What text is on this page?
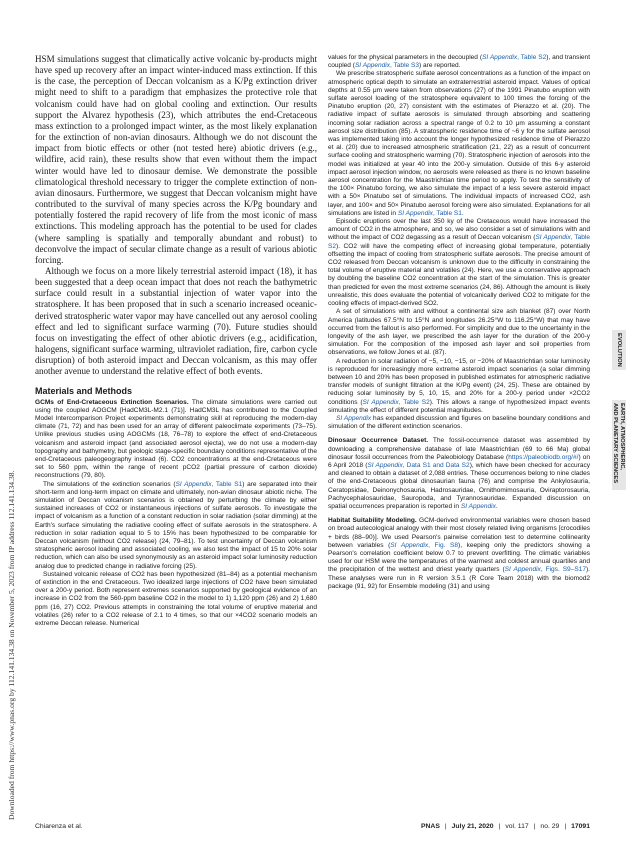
HSM simulations suggest that climatically active volcanic by-products might have sped up recovery after an impact winter-induced mass extinction. If this is the case, the perception of Deccan volcanism as a K/Pg extinction driver might need to shift to a paradigm that emphasizes the protective role that volcanism could have had on global cooling and extinction. Our results support the Alvarez hypothesis (23), which attributes the end-Cretaceous mass extinction to a prolonged impact winter, as the most likely explanation for the extinction of non-avian dinosaurs. Although we do not discount the impact from biotic effects or other (not tested here) abiotic drivers (e.g., wildfire, acid rain), these results show that even without them the impact winter would have led to dinosaur demise. We demonstrate the possible climatological threshold necessary to trigger the complete extinction of non-avian dinosaurs. Furthermore, we suggest that Deccan volcanism might have contributed to the survival of many species across the K/Pg boundary and potentially fostered the rapid recovery of life from the most iconic of mass extinctions. This modeling approach has the potential to be used for clades (where sampling is spatially and temporally abundant and robust) to deconvolve the impact of secular climate change as a result of various abiotic forcing.

Although we focus on a more likely terrestrial asteroid impact (18), it has been suggested that a deep ocean impact that does not reach the bathymetric surface could result in a substantial injection of water vapor into the stratosphere. It has been proposed that in such a scenario increased oceanic-derived stratospheric water vapor may have cancelled out any aerosol cooling effect and led to significant surface warming (70). Future studies should focus on investigating the effect of other abiotic drivers (e.g., acidification, halogens, significant surface warming, ultraviolet radiation, fire, carbon cycle disruption) of both asteroid impact and Deccan volcanism, as this may offer another avenue to understand the relative effect of both events.

Materials and Methods

GCMs of End-Cretaceous Extinction Scenarios. The climate simulations were carried out using the coupled AOGCM [HadCM3L-M2.1 (71)]. HadCM3L has contributed to the Coupled Model Intercomparison Project experiments demonstrating skill at reproducing the modern-day climate (71, 72) and has been used for an array of different paleoclimate experiments (73–75). Unlike previous studies using AOGCMs (18, 76–78) to explore the effect of end-Cretaceous volcanism and asteroid impact (and associated aerosol ejecta), we do not use a modern-day topography and bathymetry, but geologic stage-specific boundary conditions representative of the end-Cretaceous paleogeography instead (6). CO2 concentrations at the end-Cretaceous were set to 560 ppm, within the range of recent pCO2 (partial pressure of carbon dioxide) reconstructions (79, 80).

The simulations of the extinction scenarios (SI Appendix, Table S1) are separated into their short-term and long-term impact on climate and ultimately, non-avian dinosaur abiotic niche. The simulation of Deccan volcanism scenarios is obtained by perturbing the climate by either sustained increases of CO2 or instantaneous injections of sulfate aerosols. To investigate the impact of volcanism as a function of a constant reduction in solar radiation (solar dimming) at the Earth's surface simulating the radiative cooling effect of sulfate aerosols in the stratosphere. A reduction in solar radiation equal to 5 to 15% has been hypothesized to be comparable for Deccan volcanism (without CO2 release) (24, 79–81). To test uncertainty of Deccan volcanism stratospheric aerosol loading and associated cooling, we also test the impact of 15 to 20% solar reduction, which can also be used synonymously as an asteroid impact solar luminosity reduction analog due to predicted change in radiative forcing (25).

Sustained volcanic release of CO2 has been hypothesized (81–84) as a potential mechanism of extinction in the end Cretaceous. Two idealized large injections of CO2 have been simulated over a 200-y period. Both represent extremes scenarios supported by geological evidence of an increase in CO2 from the 560-ppm baseline CO2 in the model to 1) 1,120 ppm (26) and 2) 1,680 ppm (16, 27) CO2. Previous attempts in constraining the total volume of eruptive material and volatiles (26) refer to a CO2 release of 2.1 to 4 times, so that our ×4CO2 scenario models an extreme Deccan release. Numerical

values for the physical parameters in the decoupled (SI Appendix, Table S2), and transient coupled (SI Appendix, Table S3) are reported.

We prescribe stratospheric sulfate aerosol concentrations as a function of the impact on atmospheric optical depth to simulate an extraterrestrial asteroid impact. Values of optical depths at 0.55 μm were taken from observations (27) of the 1991 Pinatubo eruption with sulfate aerosol loading of the stratosphere equivalent to 100 times the forcing of the Pinatubo eruption (20, 27) consistent with the estimates of Pierazzo et al. (20). The radiative impact of sulfate aerosols is simulated through absorbing and scattering incoming solar radiation across a spectral range of 0.2 to 10 μm assuming a constant aerosol size distribution (85). A stratospheric residence time of ~6 y for the sulfate aerosol was implemented taking into account the longer hypothesized residence time of Pierazzo et al. (20) due to increased atmospheric stratification (21, 22) as a result of concurrent surface cooling and stratospheric warming (70). Stratospheric injection of aerosols into the model was initialized at year 40 into the 200-y simulation. Outside of this 6-y asteroid impact aerosol injection window, no aerosols were released as there is no known baseline aerosol concentration for the Maastrichtian time period to apply. To test the sensitivity of the 100× Pinatubo forcing, we also simulate the impact of a less severe asteroid impact with a 50× Pinatubo set of simulations. The individual impacts of increased CO2, ash layer, and 100× and 50× Pinatubo aerosol forcing were also simulated. Explanations for all simulations are listed in SI Appendix, Table S1.

Episodic eruptions over the last 350 ky of the Cretaceous would have increased the amount of CO2 in the atmosphere, and so, we also consider a set of simulations with and without the impact of CO2 degassing as a result of Deccan volcanism (SI Appendix, Table S2). CO2 will have the competing effect of increasing global temperature, potentially offsetting the impact of cooling from stratospheric sulfate aerosols. The precise amount of CO2 released from Deccan volcanism is unknown due to the difficulty in constraining the total volume of eruptive material and volatiles (24). Here, we use a conservative approach by doubling the baseline CO2 concentration at the start of the simulation. This is greater than predicted for even the most extreme scenarios (24, 86). Although the amount is likely unrealistic, this does evaluate the potential of volcanically derived CO2 to mitigate for the cooling effects of impact-derived SO2.

A set of simulations with and without a continental size ash blanket (87) over North America (latitudes 67.5°N to 15°N and longitudes 26.25°W to 116.25°W) that may have occurred from the fallout is also performed. For simplicity and due to the uncertainty in the longevity of the ash layer, we prescribed the ash layer for the duration of the 200-y simulation. For the composition of the imposed ash layer and soil properties from observations, we follow Jones et al. (87).

A reduction in solar radiation of −5, −10, −15, or −20% of Maastrichtian solar luminosity is reproduced for increasingly more extreme asteroid impact scenarios (a solar dimming between 10 and 20% has been proposed in published estimates for atmospheric radiative transfer models of sunlight filtration at the K/Pg event) (24, 25). These are obtained by reducing solar luminosity by 5, 10, 15, and 20% for a 200-y period under ×2CO2 conditions (SI Appendix, Table S2). This allows a range of hypothesized impact events simulating the effect of different potential magnitudes.

SI Appendix has expanded discussion and figures on baseline boundary conditions and simulation of the different extinction scenarios.

Dinosaur Occurrence Dataset. The fossil-occurrence dataset was assembled by downloading a comprehensive database of late Maastrichtian (69 to 66 Ma) global dinosaur fossil occurrences from the Paleobiology Database (https://paleobiodb.org/#/) on 6 April 2018 (SI Appendix, Data S1 and Data S2), which have been checked for accuracy and cleaned to obtain a dataset of 2,088 entries. These occurrences belong to nine clades of the end-Cretaceous global dinosaurian fauna (76) and comprise the Ankylosauria, Ceratopsidae, Deinonychosauria, Hadrosauridae, Ornithomimosauria, Oviraptorosauria, Pachycephalosauridae, Sauropoda, and Tyrannosauridae. Expanded discussion on spatial occurrences preparation is reported in SI Appendix.

Habitat Suitability Modeling. GCM-derived environmental variables were chosen based on broad autecological analogy with their most closely related living organisms [crocodiles + birds (88–90)]. We used Pearson's pairwise correlation test to determine collinearity between variables (SI Appendix, Fig. S8), keeping only the predictors showing a Pearson's correlation coefficient below 0.7 to prevent overfitting. The climatic variables used for our HSM were the temperatures of the warmest and coldest annual quartiles and the precipitation of the wettest and driest yearly quarters (SI Appendix, Figs. S9–S17). These analyses were run in R version 3.5.1 (R Core Team 2018) with the biomod2 package (91, 92) for Ensemble modeling (31) and using

EVOLUTION
EARTH, ATMOSPHERIC,
AND PLANETARY SCIENCES
Downloaded from https://www.pnas.org by 112.141.134.38 on November 5, 2023 from IP address 112.141.134.38.
Chiarenza et al.	PNAS | July 21, 2020 | vol. 117 | no. 29 | 17091
